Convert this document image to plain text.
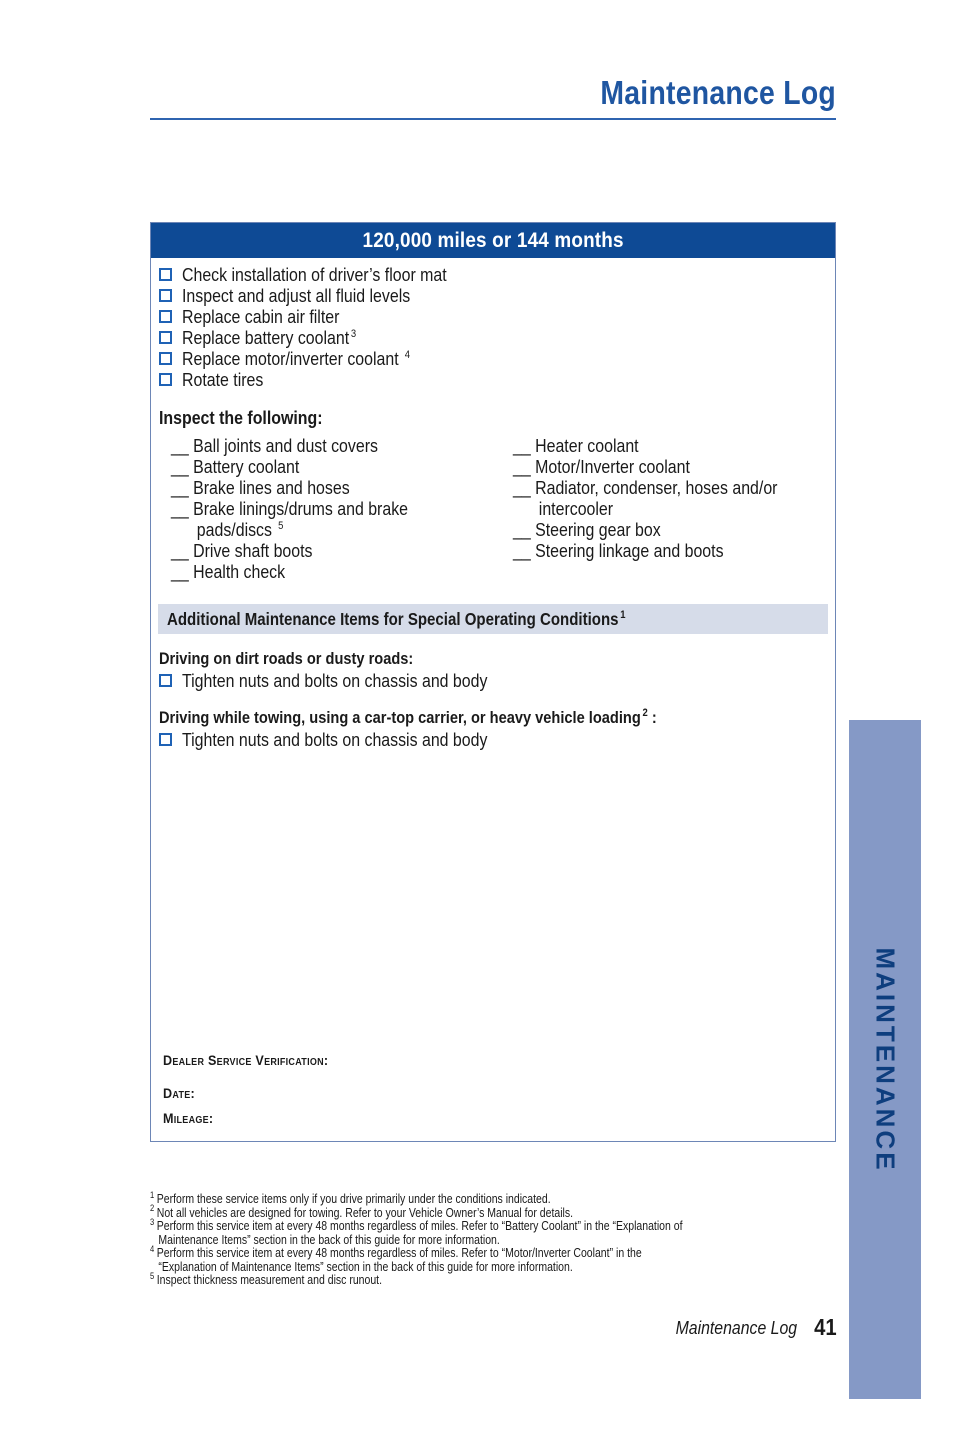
Maintenance Log
120,000 miles or 144 months
Check installation of driver’s floor mat
Inspect and adjust all fluid levels
Replace cabin air filter
Replace battery coolant $^3$
Replace motor/inverter coolant $^4$
Rotate tires
Inspect the following:
__ Ball joints and dust covers
__ Battery coolant
__ Brake lines and hoses
__ Brake linings/drums and brake
pads/discs $^5$
__ Drive shaft boots
__ Health check
__ Heater coolant
__ Motor/Inverter coolant
__ Radiator, condenser, hoses and/or
intercooler
__ Steering gear box
__ Steering linkage and boots
Additional Maintenance Items for Special Operating Conditions $^1$
Driving on dirt roads or dusty roads:
Tighten nuts and bolts on chassis and body
Driving while towing, using a car-top carrier, or heavy vehicle loading $^2$ :
Tighten nuts and bolts on chassis and body
Dealer Service Verification:
Date:
Mileage:
$^1$ Perform these service items only if you drive primarily under the conditions indicated.
$^2$ Not all vehicles are designed for towing. Refer to your Vehicle Owner’s Manual for details.
$^3$ Perform this service item at every 48 months regardless of miles. Refer to “Battery Coolant” in the “Explanation of
Maintenance Items” section in the back of this guide for more information.
$^4$ Perform this service item at every 48 months regardless of miles. Refer to “Motor/Inverter Coolant” in the
“Explanation of Maintenance Items” section in the back of this guide for more information.
$^5$ Inspect thickness measurement and disc runout.
Maintenance Log 41
MAINTENANCE
